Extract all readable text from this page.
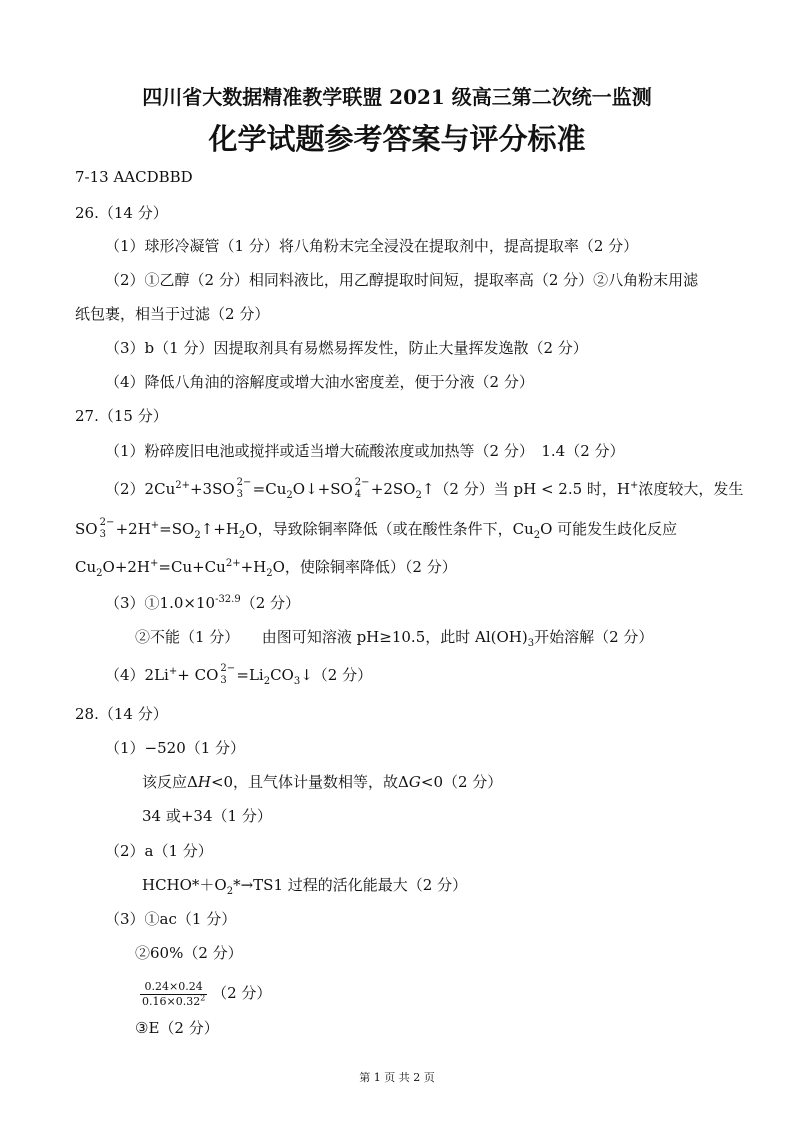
四川省大数据精准教学联盟 2021 级高三第二次统一监测
化学试题参考答案与评分标准
7-13 AACDBBD
26.（14 分）
（1）球形冷凝管（1 分）将八角粉末完全浸没在提取剂中，提高提取率（2 分）
（2）①乙醇（2 分）相同料液比，用乙醇提取时间短，提取率高（2 分）②八角粉末用滤
纸包裹，相当于过滤（2 分）
（3）b（1 分）因提取剂具有易燃易挥发性，防止大量挥发逸散（2 分）
（4）降低八角油的溶解度或增大油水密度差，便于分液（2 分）
27.（15 分）
（1）粉碎废旧电池或搅拌或适当增大硫酸浓度或加热等（2 分）　1.4（2 分）
$(2)2Cu^{2+}+3SO$ 2−
$3 =Cu_2O↓+SO$ 2−
$4 +2SO_2↑(2$ 分）当 pH < 2.5 时，H+浓度较大，发生
SO 2−
$3 +2H^+=SO_2↑+H_2O$，导致除铜率降低（或在酸性条件下，$Cu_2O$ 可能发生歧化反应
$Cu_2O+2H^+=Cu+Cu^{2+}+H_2O$，使除铜率降低）（2 分）
$(3)①1.0\times 10^{-32.9}(2$ 分）
②不能（1 分）　　由图可知溶液 pH≥10.5，此时 $Al(OH)_3$开始溶解（2 分）
（4）2Li++ CO 2−
$3 =Li_2CO_3↓(2$ 分）
28.（14 分）
（1）−520（1 分）
该反应ΔH<0，且气体计量数相等，故ΔG<0（2 分）
34 或+34（1 分）
（2）a（1 分）
$HCHO*+O_2*\to TS1$ 过程的活化能最大（2 分）
（3）①ac（1 分）
②60%（2 分）
$\frac{0.24\times 0.24}{0.16\times 0.32^2} (2$ 分）
③E（2 分）
第 1 页 共 2 页
